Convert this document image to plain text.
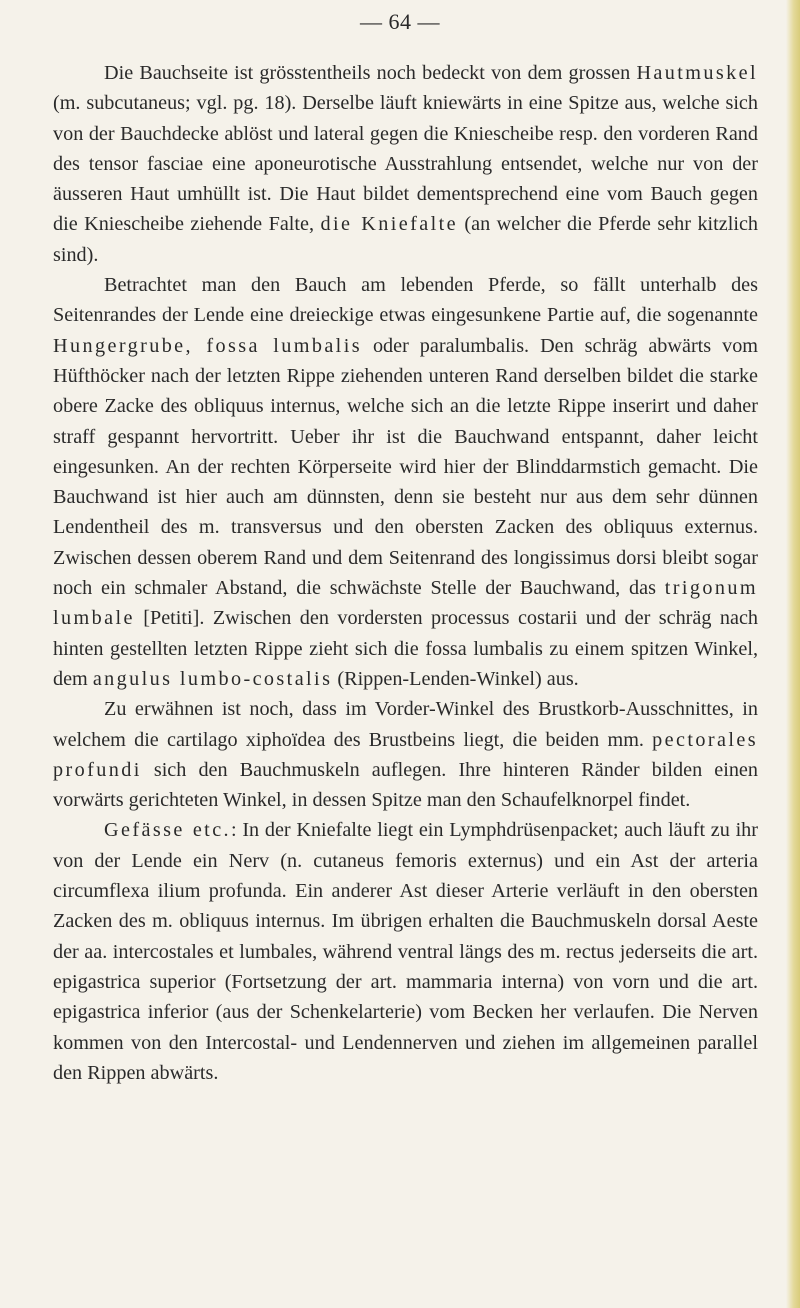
— 64 —

Die Bauchseite ist grösstentheils noch bedeckt von dem grossen Hautmuskel (m. subcutaneus; vgl. pg. 18). Derselbe läuft kniewärts in eine Spitze aus, welche sich von der Bauchdecke ablöst und lateral gegen die Kniescheibe resp. den vorderen Rand des tensor fasciae eine aponeurotische Ausstrahlung entsendet, welche nur von der äusseren Haut umhüllt ist. Die Haut bildet dementsprechend eine vom Bauch gegen die Kniescheibe ziehende Falte, die Kniefalte (an welcher die Pferde sehr kitzlich sind).

Betrachtet man den Bauch am lebenden Pferde, so fällt unterhalb des Seitenrandes der Lende eine dreieckige etwas eingesunkene Partie auf, die sogenannte Hungergrube, fossa lumbalis oder paralumbalis. Den schräg abwärts vom Hüfthöcker nach der letzten Rippe ziehenden unteren Rand derselben bildet die starke obere Zacke des obliquus internus, welche sich an die letzte Rippe inserirt und daher straff gespannt hervortritt. Ueber ihr ist die Bauchwand entspannt, daher leicht eingesunken. An der rechten Körperseite wird hier der Blinddarmstich gemacht. Die Bauchwand ist hier auch am dünnsten, denn sie besteht nur aus dem sehr dünnen Lendentheil des m. transversus und den obersten Zacken des obliquus externus. Zwischen dessen oberem Rand und dem Seitenrand des longissimus dorsi bleibt sogar noch ein schmaler Abstand, die schwächste Stelle der Bauchwand, das trigonum lumbale [Petiti]. Zwischen den vordersten processus costarii und der schräg nach hinten gestellten letzten Rippe zieht sich die fossa lumbalis zu einem spitzen Winkel, dem angulus lumbo-costalis (Rippen-Lenden-Winkel) aus.

Zu erwähnen ist noch, dass im Vorder-Winkel des Brustkorb-Ausschnittes, in welchem die cartilago xiphoïdea des Brustbeins liegt, die beiden mm. pectorales profundi sich den Bauchmuskeln auflegen. Ihre hinteren Ränder bilden einen vorwärts gerichteten Winkel, in dessen Spitze man den Schaufelknorpel findet.

Gefässe etc.: In der Kniefalte liegt ein Lymphdrüsenpacket; auch läuft zu ihr von der Lende ein Nerv (n. cutaneus femoris externus) und ein Ast der arteria circumflexa ilium profunda. Ein anderer Ast dieser Arterie verläuft in den obersten Zacken des m. obliquus internus. Im übrigen erhalten die Bauchmuskeln dorsal Aeste der aa. intercostales et lumbales, während ventral längs des m. rectus jederseits die art. epigastrica superior (Fortsetzung der art. mammaria interna) von vorn und die art. epigastrica inferior (aus der Schenkelarterie) vom Becken her verlaufen. Die Nerven kommen von den Intercostal- und Lendennerven und ziehen im allgemeinen parallel den Rippen abwärts.
